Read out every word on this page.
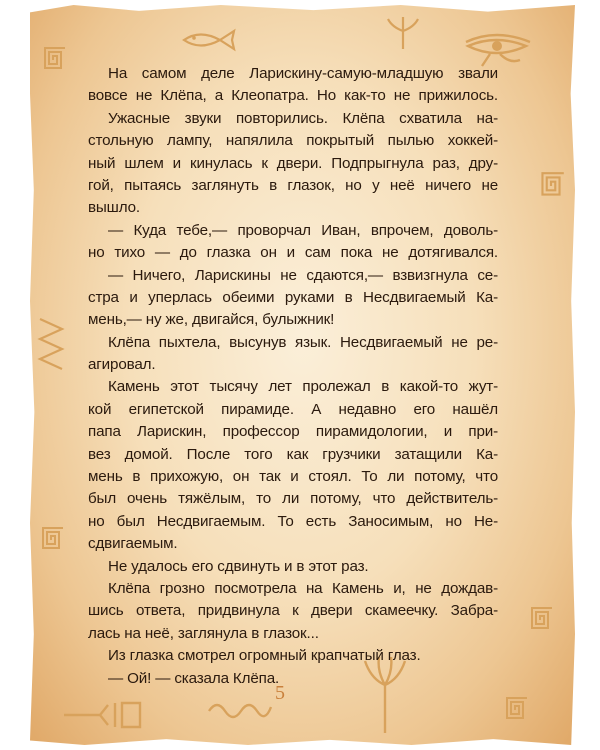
На самом деле Ларискину-самую-младшую звали
вовсе не Клёпа, а Клеопатра. Но как-то не прижилось.
Ужасные звуки повторились. Клёпа схватила на-
стольную лампу, напялила покрытый пылью хоккей-
ный шлем и кинулась к двери. Подпрыгнула раз, дру-
гой, пытаясь заглянуть в глазок, но у неё ничего не
вышло.
— Куда тебе,— проворчал Иван, впрочем, доволь-
но тихо — до глазка он и сам пока не дотягивался.
— Ничего, Ларискины не сдаются,— взвизгнула се-
стра и уперлась обеими руками в Несдвигаемый Ка-
мень,— ну же, двигайся, булыжник!
Клёпа пыхтела, высунув язык. Несдвигаемый не ре-
агировал.
Камень этот тысячу лет пролежал в какой-то жут-
кой египетской пирамиде. А недавно его нашёл
папа Ларискин, профессор пирамидологии, и при-
вез домой. После того как грузчики затащили Ка-
мень в прихожую, он так и стоял. То ли потому, что
был очень тяжёлым, то ли потому, что действитель-
но был Несдвигаемым. То есть Заносимым, но Не-
сдвигаемым.
Не удалось его сдвинуть и в этот раз.
Клёпа грозно посмотрела на Камень и, не дождав-
шись ответа, придвинула к двери скамеечку. Забра-
лась на неё, заглянула в глазок...
Из глазка смотрел огромный крапчатый глаз.
— Ой! — сказала Клёпа.
5
